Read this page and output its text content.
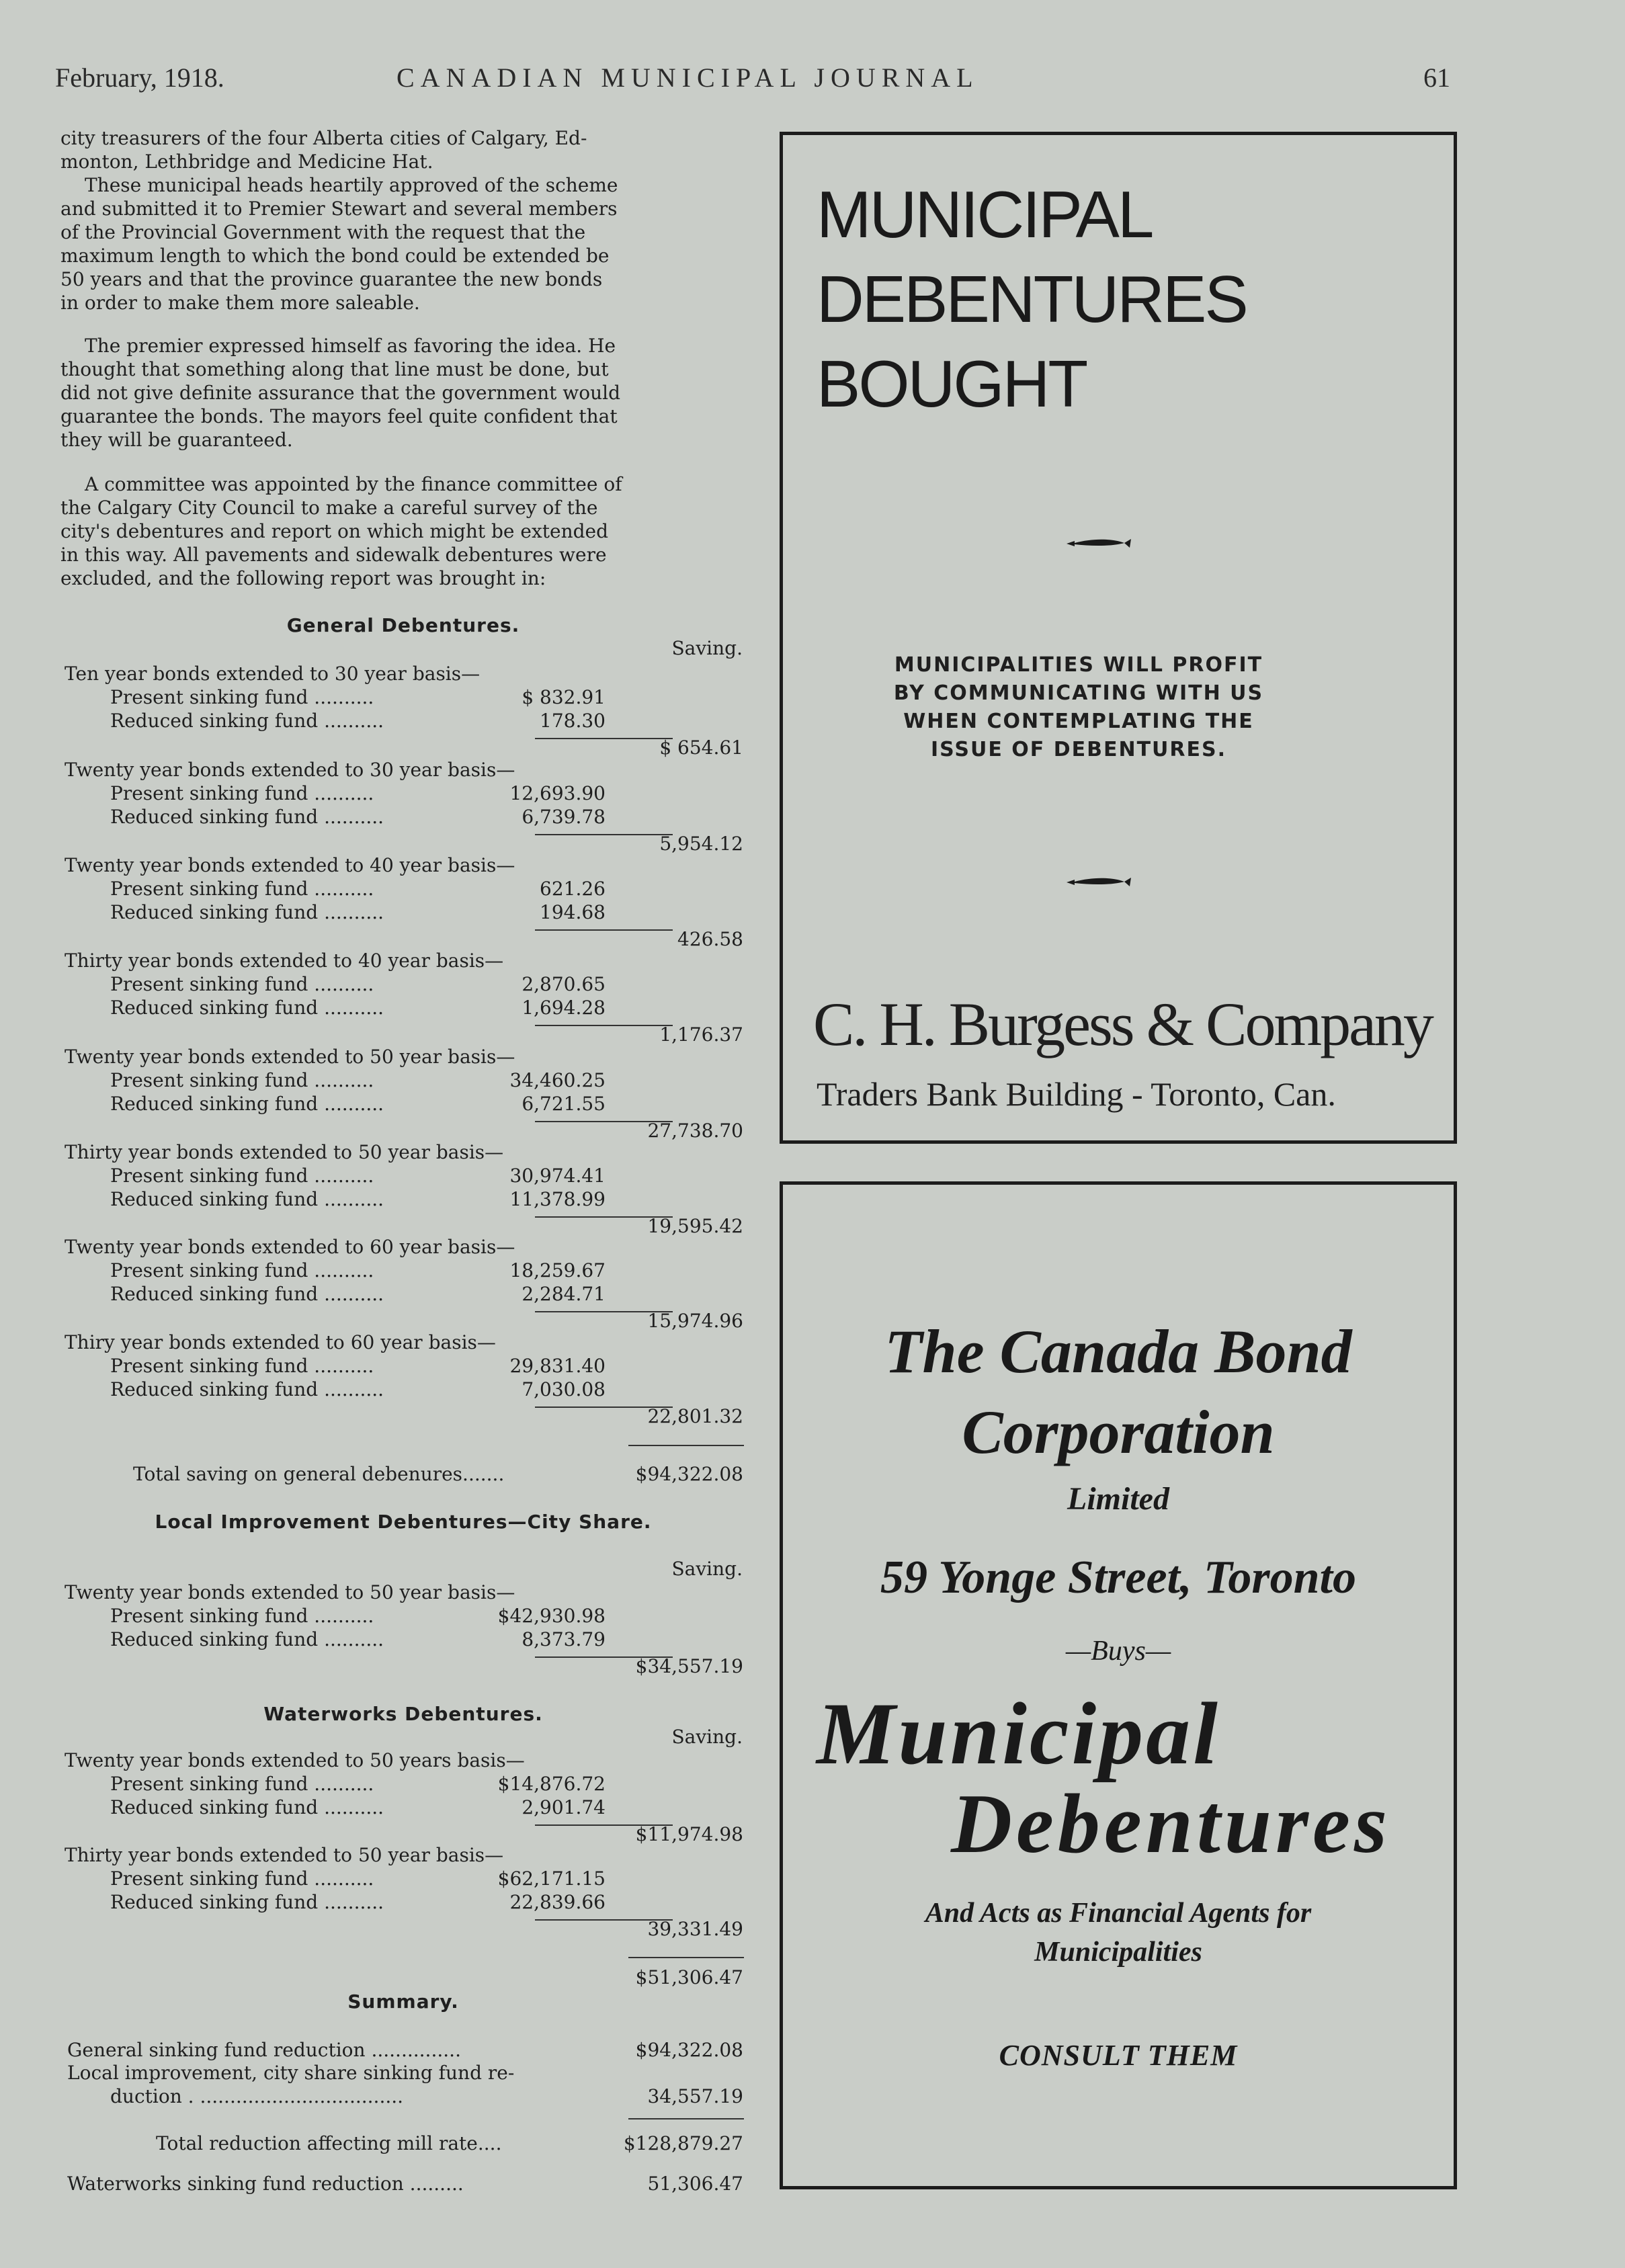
February, 1918.	CANADIAN MUNICIPAL JOURNAL	61
city treasurers of the four Alberta cities of Calgary, Ed-
monton, Lethbridge and Medicine Hat.
These municipal heads heartily approved of the scheme
and submitted it to Premier Stewart and several members
of the Provincial Government with the request that the
maximum length to which the bond could be extended be
50 years and that the province guarantee the new bonds
in order to make them more saleable.
The premier expressed himself as favoring the idea. He
thought that something along that line must be done, but
did not give definite assurance that the government would
guarantee the bonds. The mayors feel quite confident that
they will be guaranteed.
A committee was appointed by the finance committee of
the Calgary City Council to make a careful survey of the
city's debentures and report on which might be extended
in this way. All pavements and sidewalk debentures were
excluded, and the following report was brought in:
General Debentures.
Saving.
Ten year bonds extended to 30 year basis—
Present sinking fund ..........	$ 832.91
Reduced sinking fund ..........	178.30
$ 654.61
Twenty year bonds extended to 30 year basis—
Present sinking fund ..........	12,693.90
Reduced sinking fund ..........	6,739.78
5,954.12
Twenty year bonds extended to 40 year basis—
Present sinking fund ..........	621.26
Reduced sinking fund ..........	194.68
426.58
Thirty year bonds extended to 40 year basis—
Present sinking fund ..........	2,870.65
Reduced sinking fund ..........	1,694.28
1,176.37
Twenty year bonds extended to 50 year basis—
Present sinking fund ..........	34,460.25
Reduced sinking fund ..........	6,721.55
27,738.70
Thirty year bonds extended to 50 year basis—
Present sinking fund ..........	30,974.41
Reduced sinking fund ..........	11,378.99
19,595.42
Twenty year bonds extended to 60 year basis—
Present sinking fund ..........	18,259.67
Reduced sinking fund ..........	2,284.71
15,974.96
Thiry year bonds extended to 60 year basis—
Present sinking fund ..........	29,831.40
Reduced sinking fund ..........	7,030.08
22,801.32
Total saving on general debenures.......	$94,322.08
Local Improvement Debentures—City Share.
Saving.
Twenty year bonds extended to 50 year basis—
Present sinking fund ..........	$42,930.98
Reduced sinking fund ..........	8,373.79
$34,557.19
Waterworks Debentures.
Saving.
Twenty year bonds extended to 50 years basis—
Present sinking fund ..........	$14,876.72
Reduced sinking fund ..........	2,901.74
$11,974.98
Thirty year bonds extended to 50 year basis—
Present sinking fund ..........	$62,171.15
Reduced sinking fund ..........	22,839.66
39,331.49
$51,306.47
Summary.
General sinking fund reduction ...............	$94,322.08
Local improvement, city share sinking fund re-
duction . ..................................	34,557.19
Total reduction affecting mill rate....	$128,879.27
Waterworks sinking fund reduction .........	51,306.47
MUNICIPAL
DEBENTURES
BOUGHT
MUNICIPALITIES WILL PROFIT
BY COMMUNICATING WITH US
WHEN CONTEMPLATING THE
ISSUE OF DEBENTURES.
C. H. Burgess & Company
Traders Bank Building - Toronto, Can.
The Canada Bond
Corporation
Limited
59 Yonge Street, Toronto
—Buys—
Municipal
Debentures
And Acts as Financial Agents for
Municipalities
CONSULT THEM
